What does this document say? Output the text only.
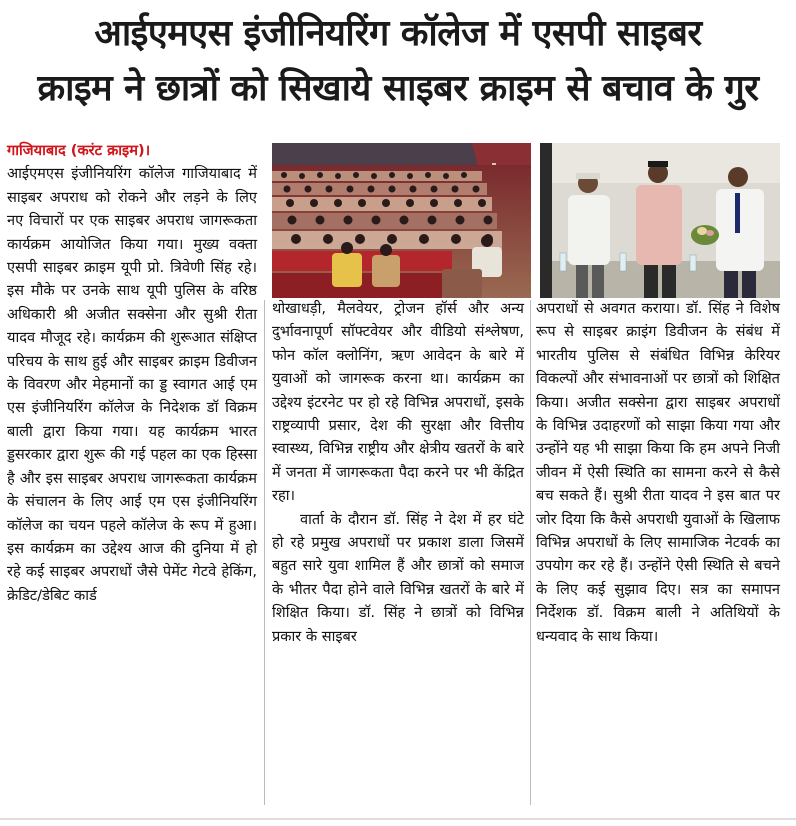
आईएमएस इंजीनियरिंग कॉलेज में एसपी साइबर
क्राइम ने छात्रों को सिखाये साइबर क्राइम से बचाव के गुर

गाजियाबाद (करंट क्राइम)।
आईएमएस इंजीनियरिंग कॉलेज गाजियाबाद में साइबर अपराध को रोकने और लड़ने के लिए नए विचारों पर एक साइबर अपराध जागरूकता कार्यक्रम आयोजित किया गया। मुख्य वक्ता एसपी साइबर क्राइम यूपी प्रो. त्रिवेणी सिंह रहे। इस मौके पर उनके साथ यूपी पुलिस के वरिष्ठ अधिकारी श्री अजीत सक्सेना और सुश्री रीता यादव मौजूद रहे। कार्यक्रम की शुरूआत संक्षिप्त परिचय के साथ हुई और साइबर क्राइम डिवीजन के विवरण और मेहमानों का ड्ड स्वागत आई एम एस इंजीनियरिंग कॉलेज के निदेशक डॉ विक्रम बाली द्वारा किया गया। यह कार्यक्रम भारत ड्डसरकार द्वारा शुरू की गई पहल का एक हिस्सा है और इस साइबर अपराध जागरूकता कार्यक्रम के संचालन के लिए आई एम एस इंजीनियरिंग कॉलेज का चयन पहले कॉलेज के रूप में हुआ। इस कार्यक्रम का उद्देश्य आज की दुनिया में हो रहे कई साइबर अपराधों जैसे पेमेंट गेटवे हेकिंग, क्रेडिट/डेबिट कार्ड

थोखाधड़ी, मैलवेयर, ट्रोजन हॉर्स और अन्य दुर्भावनापूर्ण सॉफ्टवेयर और वीडियो संश्लेषण, फोन कॉल क्लोनिंग, ऋण आवेदन के बारे में युवाओं को जागरूक करना था। कार्यक्रम का उद्देश्य इंटरनेट पर हो रहे विभिन्न अपराधों, इसके राष्ट्रव्यापी प्रसार, देश की सुरक्षा और वित्तीय स्वास्थ्य, विभिन्न राष्ट्रीय और क्षेत्रीय खतरों के बारे में जनता में जागरूकता पैदा करने पर भी केंद्रित रहा।

वार्ता के दौरान डॉ. सिंह ने देश में हर घंटे हो रहे प्रमुख अपराधों पर प्रकाश डाला जिसमें बहुत सारे युवा शामिल हैं और छात्रों को समाज के भीतर पैदा होने वाले विभिन्न खतरों के बारे में शिक्षित किया। डॉ. सिंह ने छात्रों को विभिन्न प्रकार के साइबर

अपराधों से अवगत कराया। डॉ. सिंह ने विशेष रूप से साइबर क्राइंग डिवीजन के संबंध में भारतीय पुलिस से संबंधित विभिन्न केरियर विकल्पों और संभावनाओं पर छात्रों को शिक्षित किया। अजीत सक्सेना द्वारा साइबर अपराधों के विभिन्न उदाहरणों को साझा किया गया और उन्होंने यह भी साझा किया कि हम अपने निजी जीवन में ऐसी स्थिति का सामना करने से कैसे बच सकते हैं। सुश्री रीता यादव ने इस बात पर जोर दिया कि कैसे अपराधी युवाओं के खिलाफ विभिन्न अपराधों के लिए सामाजिक नेटवर्क का उपयोग कर रहे हैं। उन्होंने ऐसी स्थिति से बचने के लिए कई सुझाव दिए। सत्र का समापन निर्देशक डॉ. विक्रम बाली ने अतिथियों के धन्यवाद के साथ किया।
